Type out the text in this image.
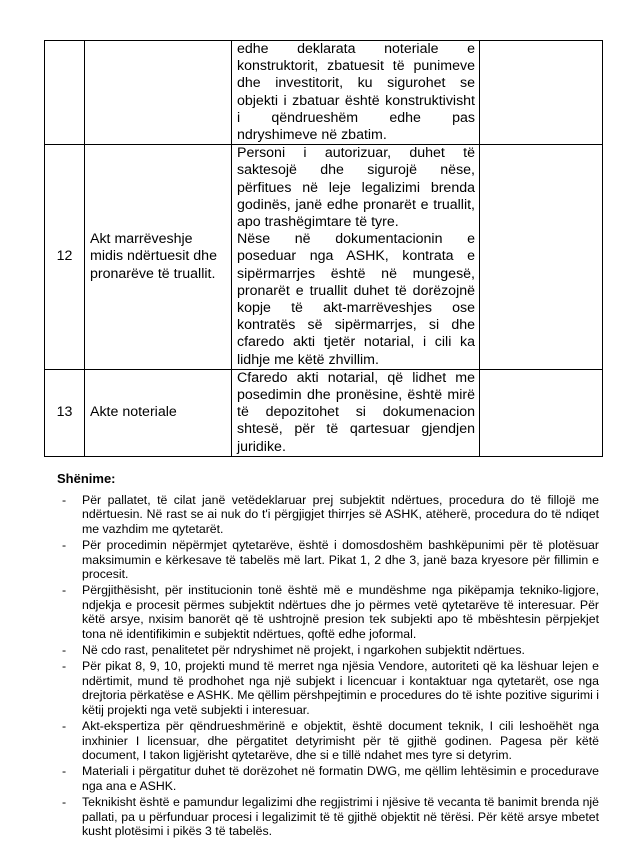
		edhe deklarata noteriale e konstruktorit, zbatuesit të punimeve dhe investitorit, ku sigurohet se objekti i zbatuar është konstruktivisht i qëndrueshëm edhe pas ndryshimeve në zbatim.	

12	Akt marrëveshje midis ndërtuesit dhe pronarëve të truallit.	Personi i autorizuar, duhet të saktesojë dhe sigurojë nëse, përfitues në leje legalizimi brenda godinës, janë edhe pronarët e truallit, apo trashëgimtare të tyre.
Nëse në dokumentacionin e poseduar nga ASHK, kontrata e sipërmarrjes është në mungesë, pronarët e truallit duhet të dorëzojnë kopje të akt-marrëveshjes ose kontratës së sipërmarrjes, si dhe cfaredo akti tjetër notarial, i cili ka lidhje me këtë zhvillim.	

13	Akte noteriale	Cfaredo akti notarial, që lidhet me posedimin dhe pronësine, është mirë të depozitohet si dokumenacion shtesë, për të qartesuar gjendjen juridike.	

Shënime:
- Për pallatet, të cilat janë vetëdeklaruar prej subjektit ndërtues, procedura do të fillojë me ndërtuesin. Në rast se ai nuk do t'i përgjigjet thirrjes së ASHK, atëherë, procedura do të ndiqet me vazhdim me qytetarët.
- Për procedimin nëpërmjet qytetarëve, është i domosdoshëm bashkëpunimi për të plotësuar maksimumin e kërkesave të tabelës më lart. Pikat 1, 2 dhe 3, janë baza kryesore për fillimin e procesit.
- Përgjithësisht, për institucionin tonë është më e mundëshme nga pikëpamja tekniko-ligjore, ndjekja e procesit përmes subjektit ndërtues dhe jo përmes vetë qytetarëve të interesuar. Për këtë arsye, nxisim banorët që të ushtrojnë presion tek subjekti apo të mbështesin përpjekjet tona në identifikimin e subjektit ndërtues, qoftë edhe joformal.
- Në cdo rast, penalitetet për ndryshimet në projekt, i ngarkohen subjektit ndërtues.
- Për pikat 8, 9, 10, projekti mund të merret nga njësia Vendore, autoriteti që ka lëshuar lejen e ndërtimit, mund të prodhohet nga një subjekt i licencuar i kontaktuar nga qytetarët, ose nga drejtoria përkatëse e ASHK. Me qëllim përshpejtimin e procedures do të ishte pozitive sigurimi i këtij projekti nga vetë subjekti i interesuar.
- Akt-ekspertiza për qëndrueshmërinë e objektit, është document teknik, I cili leshoëhët nga inxhinier I licensuar, dhe përgatitet detyrimisht për të gjithë godinen. Pagesa për këtë document, I takon ligjërisht qytetarëve, dhe si e tillë ndahet mes tyre si detyrim.
- Materiali i përgatitur duhet të dorëzohet në formatin DWG, me qëllim lehtësimin e procedurave nga ana e ASHK.
- Teknikisht është e pamundur legalizimi dhe regjistrimi i njësive të vecanta të banimit brenda një pallati, pa u përfunduar procesi i legalizimit të të gjithë objektit në tërësi. Për këtë arsye mbetet kusht plotësimi i pikës 3 të tabelës.
